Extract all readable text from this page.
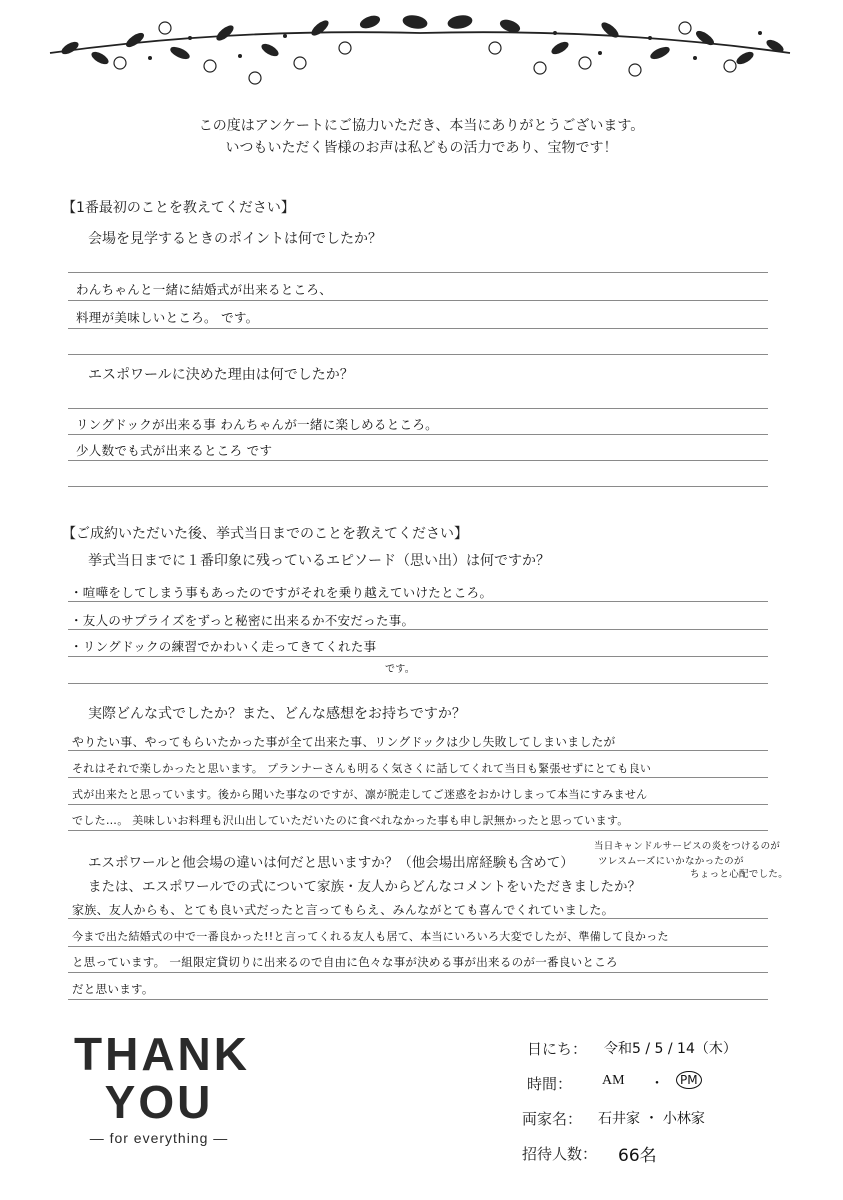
この度はアンケートにご協力いただき、本当にありがとうございます。
いつもいただく皆様のお声は私どもの活力であり、宝物です！
【1番最初のことを教えてください】
会場を見学するときのポイントは何でしたか？
わんちゃんと一緒に結婚式が出来るところ、
料理が美味しいところ。 です。
エスポワールに決めた理由は何でしたか？
リングドックが出来る事 わんちゃんが一緒に楽しめるところ。
少人数でも式が出来るところ です
【ご成約いただいた後、挙式当日までのことを教えてください】
挙式当日までに１番印象に残っているエピソード（思い出）は何ですか？
・喧嘩をしてしまう事もあったのですがそれを乗り越えていけたところ。
・友人のサプライズをずっと秘密に出来るか不安だった事。
・リングドックの練習でかわいく走ってきてくれた事
です。
実際どんな式でしたか？また、どんな感想をお持ちですか？
やりたい事、やってもらいたかった事が全て出来た事、リングドックは少し失敗してしまいましたが
それはそれで楽しかったと思います。 プランナーさんも明るく気さくに話してくれて当日も緊張せずにとても良い
式が出来たと思っています。後から聞いた事なのですが、凛が脱走してご迷惑をおかけしまって本当にすみません
でした…。 美味しいお料理も沢山出していただいたのに食べれなかった事も申し訳無かったと思っています。
エスポワールと他会場の違いは何だと思いますか？（他会場出席経験も含めて）
または、エスポワールでの式について家族・友人からどんなコメントをいただきましたか？
当日キャンドルサービスの炎をつけるのが
ツレスムーズにいかなかったのが
ちょっと心配でした。
家族、友人からも、とても良い式だったと言ってもらえ、みんながとても喜んでくれていました。
今まで出た結婚式の中で一番良かった!!と言ってくれる友人も居て、本当にいろいろ大変でしたが、準備して良かった
と思っています。 一組限定貸切りに出来るので自由に色々な事が決める事が出来るのが一番良いところ
だと思います。
THANK
YOU
— for everything —
日にち： 令和5 / 5 / 14（木）
時間： AM ・	PM
両家名： 石井家 ・ 小林家
招待人数： 66名
